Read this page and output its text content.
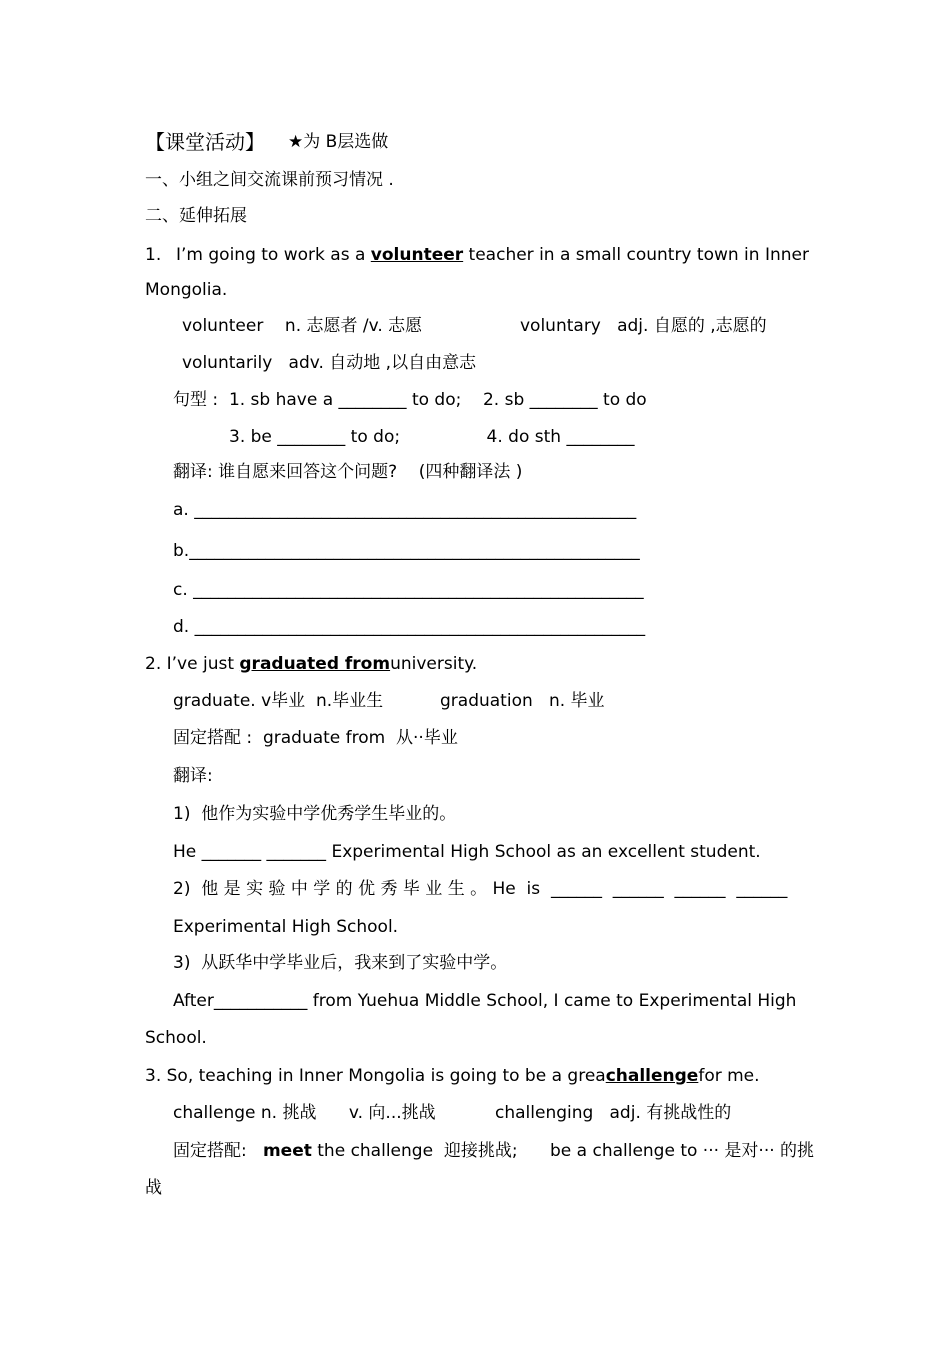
【课堂活动】 ★为 B层选做
一、小组之间交流课前预习情况 .
二、延伸拓展
1. I’m going to work as a volunteer teacher in a small country town in Inner
Mongolia.
volunteer    n. 志愿者 /v. 志愿	voluntary   adj. 自愿的 ,志愿的
voluntarily   adv. 自动地 ,以自由意志
句型 :  1. sb have a ________ to do;    2. sb ________ to do
3. be ________ to do;                4. do sth ________
翻译: 谁自愿来回答这个问题?    (四种翻译法 )
a. ____________________________________________________
b._____________________________________________________
c. _____________________________________________________
d. _____________________________________________________
2. I’ve just graduated fromuniversity.
graduate. v毕业  n.毕业生	graduation   n. 毕业
固定搭配 :  graduate from  从··毕业
翻译:
1)  他作为实验中学优秀学生毕业的。
He _______ _______ Experimental High School as an excellent student.
2)  他 是 实 验 中 学 的 优 秀 毕 业 生 。 He  is  ______  ______  ______  ______
Experimental High School.
3)  从跃华中学毕业后，我来到了实验中学。
After___________ from Yuehua Middle School, I came to Experimental High
School.
3. So, teaching in Inner Mongolia is going to be a greachallengefor me.
challenge n. 挑战      v. 向...挑战	challenging   adj. 有挑战性的
固定搭配:   meet the challenge  迎接挑战;      be a challenge to ··· 是对··· 的挑
战
